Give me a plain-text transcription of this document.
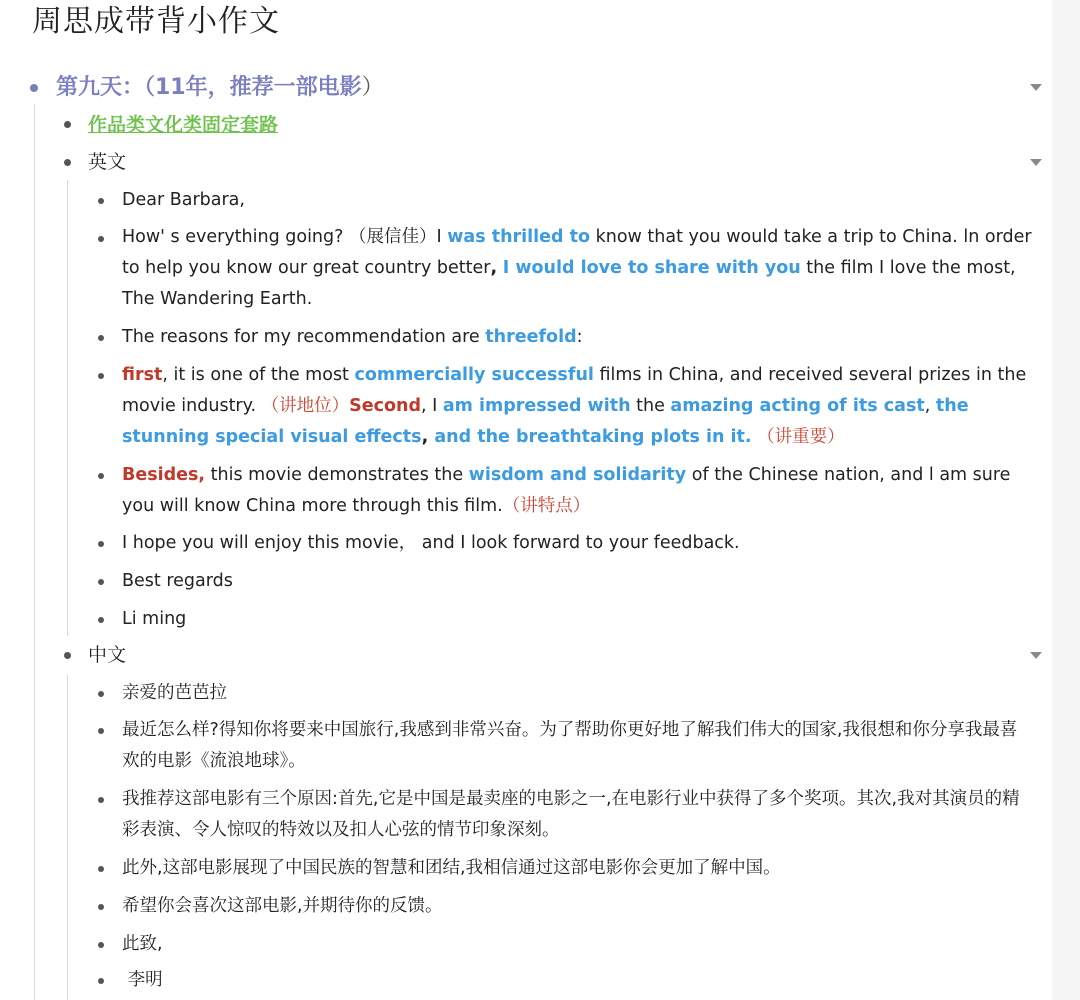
周思成带背小作文
第九天：（11年，推荐一部电影）
作品类文化类固定套路
英文
Dear Barbara,
How' s everything going? （展信佳）I was thrilled to know that you would take a trip to China. ln order to help you know our great country better, I would love to share with you the film I love the most, The Wandering Earth.
The reasons for my recommendation are threefold:
first, it is one of the most commercially successful films in China, and received several prizes in the movie industry. （讲地位）Second, I am impressed with the amazing acting of its cast, the stunning special visual effects, and the breathtaking plots in it. （讲重要）
Besides, this movie demonstrates the wisdom and solidarity of the Chinese nation, and l am sure you will know China more through this film.（讲特点）
I hope you will enjoy this movie， and I look forward to your feedback.
Best regards
Li ming
中文
亲爱的芭芭拉
最近怎么样?得知你将要来中国旅行,我感到非常兴奋。为了帮助你更好地了解我们伟大的国家,我很想和你分享我最喜欢的电影《流浪地球》。
我推荐这部电影有三个原因:首先,它是中国是最卖座的电影之一,在电影行业中获得了多个奖项。其次,我对其演员的精彩表演、令人惊叹的特效以及扣人心弦的情节印象深刻。
此外,这部电影展现了中国民族的智慧和团结,我相信通过这部电影你会更加了解中国。
希望你会喜次这部电影,并期待你的反馈。
此致,
李明
